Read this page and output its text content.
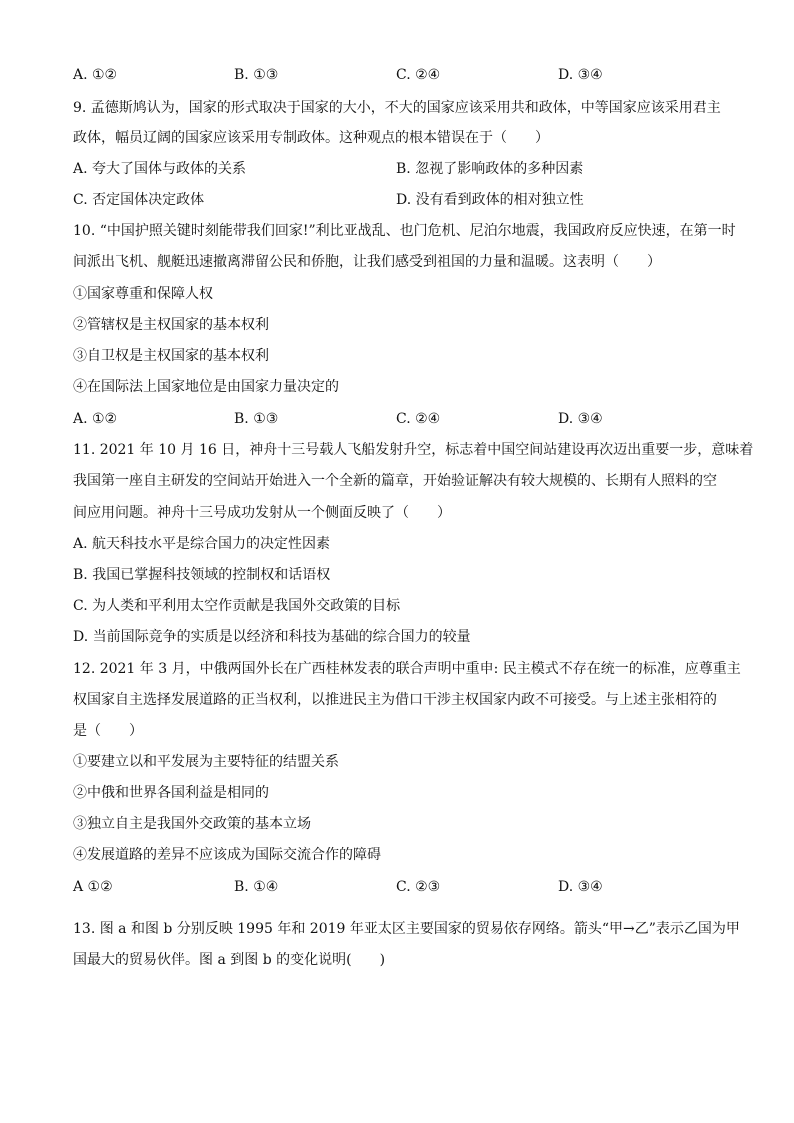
A. ①②	B. ①③	C. ②④	D. ③④
9. 孟德斯鸠认为，国家的形式取决于国家的大小，不大的国家应该采用共和政体，中等国家应该采用君主
政体，幅员辽阔的国家应该采用专制政体。这种观点的根本错误在于（　　）
A. 夸大了国体与政体的关系	B. 忽视了影响政体的多种因素
C. 否定国体决定政体	D. 没有看到政体的相对独立性
10. “中国护照关键时刻能带我们回家!”利比亚战乱、也门危机、尼泊尔地震，我国政府反应快速，在第一时
间派出飞机、舰艇迅速撤离滞留公民和侨胞，让我们感受到祖国的力量和温暖。这表明（　　）
①国家尊重和保障人权
②管辖权是主权国家的基本权利
③自卫权是主权国家的基本权利
④在国际法上国家地位是由国家力量决定的
A. ①②	B. ①③	C. ②④	D. ③④
11. 2021 年 10 月 16 日，神舟十三号载人飞船发射升空，标志着中国空间站建设再次迈出重要一步，意味着
我国第一座自主研发的空间站开始进入一个全新的篇章，开始验证解决有较大规模的、长期有人照料的空
间应用问题。神舟十三号成功发射从一个侧面反映了（　　）
A. 航天科技水平是综合国力的决定性因素
B. 我国已掌握科技领域的控制权和话语权
C. 为人类和平利用太空作贡献是我国外交政策的目标
D. 当前国际竞争的实质是以经济和科技为基础的综合国力的较量
12. 2021 年 3 月，中俄两国外长在广西桂林发表的联合声明中重申: 民主模式不存在统一的标准，应尊重主
权国家自主选择发展道路的正当权利，以推进民主为借口干涉主权国家内政不可接受。与上述主张相符的
是（　　）
①要建立以和平发展为主要特征的结盟关系
②中俄和世界各国利益是相同的
③独立自主是我国外交政策的基本立场
④发展道路的差异不应该成为国际交流合作的障碍
A ①②	B. ①④	C. ②③	D. ③④
13. 图 a 和图 b 分别反映 1995 年和 2019 年亚太区主要国家的贸易依存网络。箭头“甲→乙”表示乙国为甲
国最大的贸易伙伴。图 a 到图 b 的变化说明(　　)
